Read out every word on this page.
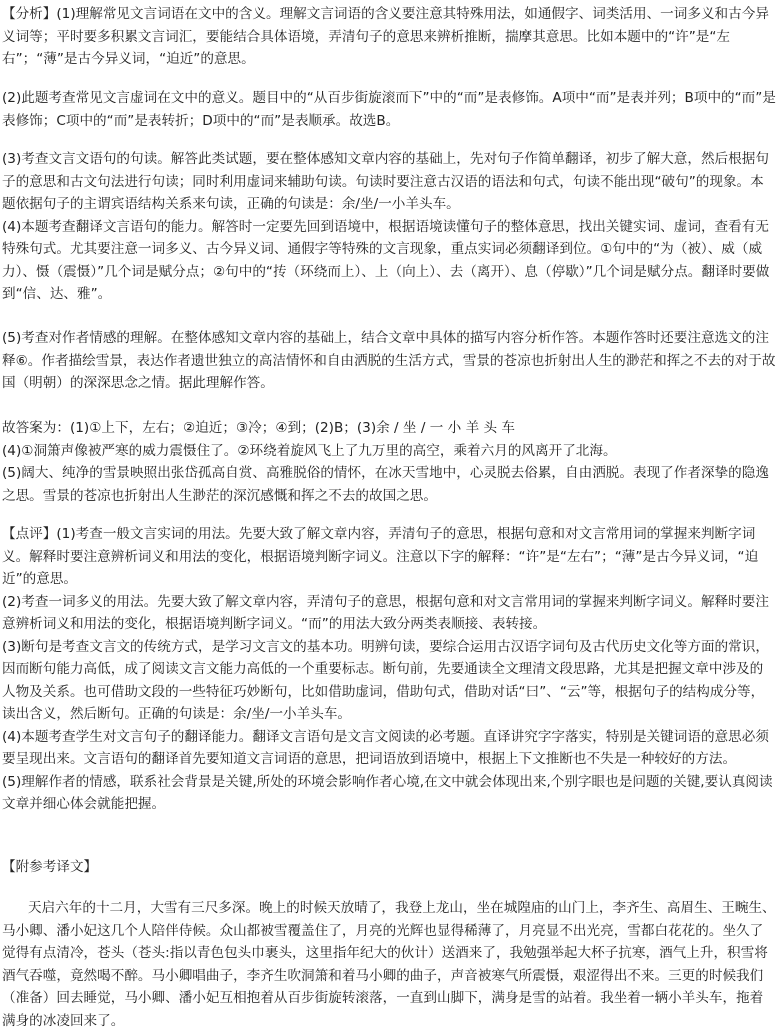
【分析】(1)理解常见文言词语在文中的含义。理解文言词语的含义要注意其特殊用法，如通假字、词类活用、一词多义和古今异义词等；平时要多积累文言词汇，要能结合具体语境，弄清句子的意思来辨析推断，揣摩其意思。比如本题中的“许”是“左右”；“薄”是古今异义词，“迫近”的意思。

(2)此题考查常见文言虚词在文中的意义。题目中的“从百步街旋滚而下”中的“而”是表修饰。A项中“而”是表并列；B项中的“而”是表修饰；C项中的“而”是表转折；D项中的“而”是表顺承。故选B。

(3)考查文言文语句的句读。解答此类试题，要在整体感知文章内容的基础上，先对句子作简单翻译，初步了解大意，然后根据句子的意思和古文句法进行句读；同时利用虚词来辅助句读。句读时要注意古汉语的语法和句式，句读不能出现“破句”的现象。本题依据句子的主谓宾语结构关系来句读，正确的句读是：余/坐/一小羊头车。

(4)本题考查翻译文言语句的能力。解答时一定要先回到语境中，根据语境读懂句子的整体意思，找出关键实词、虚词，查看有无特殊句式。尤其要注意一词多义、古今异义词、通假字等特殊的文言现象，重点实词必须翻译到位。①句中的“为（被）、威（威力）、慑（震慑）”几个词是赋分点；②句中的“抟（环绕而上）、上（向上）、去（离开）、息（停歇）”几个词是赋分点。翻译时要做到“信、达、雅”。

(5)考查对作者情感的理解。在整体感知文章内容的基础上，结合文章中具体的描写内容分析作答。本题作答时还要注意选文的注释⑥。作者描绘雪景，表达作者遗世独立的高洁情怀和自由洒脱的生活方式，雪景的苍凉也折射出人生的渺茫和挥之不去的对于故国（明朝）的深深思念之情。据此理解作答。

故答案为：(1)①上下，左右；②迫近；③冷；④到；(2)B；(3)余 / 坐 / 一 小 羊 头 车

(4)①洞箫声像被严寒的威力震慑住了。②环绕着旋风飞上了九万里的高空，乘着六月的风离开了北海。

(5)阔大、纯净的雪景映照出张岱孤高自赏、高雅脱俗的情怀，在冰天雪地中，心灵脱去俗累，自由洒脱。表现了作者深挚的隐逸之思。雪景的苍凉也折射出人生渺茫的深沉感慨和挥之不去的故国之思。

【点评】(1)考查一般文言实词的用法。先要大致了解文章内容，弄清句子的意思，根据句意和对文言常用词的掌握来判断字词义。解释时要注意辨析词义和用法的变化，根据语境判断字词义。注意以下字的解释：“许”是“左右”；“薄”是古今异义词，“迫近”的意思。

(2)考查一词多义的用法。先要大致了解文章内容，弄清句子的意思，根据句意和对文言常用词的掌握来判断字词义。解释时要注意辨析词义和用法的变化，根据语境判断字词义。“而”的用法大致分两类表顺接、表转接。

(3)断句是考查文言文的传统方式，是学习文言文的基本功。明辨句读，要综合运用古汉语字词句及古代历史文化等方面的常识，因而断句能力高低，成了阅读文言文能力高低的一个重要标志。断句前，先要通读全文理清文段思路，尤其是把握文章中涉及的人物及关系。也可借助文段的一些特征巧妙断句，比如借助虚词，借助句式，借助对话“曰”、“云”等，根据句子的结构成分等，读出含义，然后断句。正确的句读是：余/坐/一小羊头车。

(4)本题考查学生对文言句子的翻译能力。翻译文言语句是文言文阅读的必考题。直译讲究字字落实，特别是关键词语的意思必须要呈现出来。文言语句的翻译首先要知道文言词语的意思，把词语放到语境中，根据上下文推断也不失是一种较好的方法。

(5)理解作者的情感，联系社会背景是关键,所处的环境会影响作者心境,在文中就会体现出来,个别字眼也是问题的关键,要认真阅读文章并细心体会就能把握。

【附参考译文】

天启六年的十二月，大雪有三尺多深。晚上的时候天放晴了，我登上龙山，坐在城隍庙的山门上，李齐生、高眉生、王畹生、马小卿、潘小妃这几个人陪伴侍候。众山都被雪覆盖住了，月亮的光辉也显得稀薄了，月亮显不出光亮，雪都白花花的。坐久了觉得有点清冷，苍头（苍头:指以青色包头巾裹头，这里指年纪大的伙计）送酒来了，我勉强举起大杯子抗寒，酒气上升，积雪将酒气吞噬，竟然喝不醉。马小卿唱曲子，李齐生吹洞箫和着马小卿的曲子，声音被寒气所震慑，艰涩得出不来。三更的时候我们（准备）回去睡觉，马小卿、潘小妃互相抱着从百步街旋转滚落，一直到山脚下，满身是雪的站着。我坐着一辆小羊头车，拖着满身的冰凌回来了。
